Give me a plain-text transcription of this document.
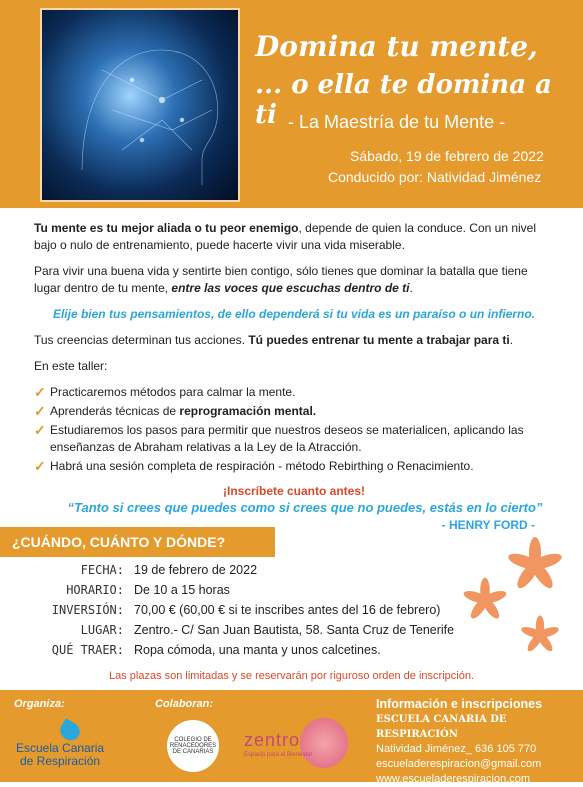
Domina tu mente,
... o ella te domina a ti - La Maestría de tu Mente -
Sábado, 19 de febrero de 2022
Conducido por: Natividad Jiménez

Tu mente es tu mejor aliada o tu peor enemigo, depende de quien la conduce. Con un nivel bajo o nulo de entrenamiento, puede hacerte vivir una vida miserable.

Para vivir una buena vida y sentirte bien contigo, sólo tienes que dominar la batalla que tiene lugar dentro de tu mente, entre las voces que escuchas dentro de ti.

Elije bien tus pensamientos, de ello dependerá si tu vida es un paraíso o un infierno.

Tus creencias determinan tus acciones. Tú puedes entrenar tu mente a trabajar para ti.

En este taller:

✓ Practicaremos métodos para calmar la mente.
✓ Aprenderás técnicas de reprogramación mental.
✓ Estudiaremos los pasos para permitir que nuestros deseos se materialicen, aplicando las enseñanzas de Abraham relativas a la Ley de la Atracción.
✓ Habrá una sesión completa de respiración - método Rebirthing o Renacimiento.

¡Inscríbete cuanto antes!

“Tanto si crees que puedes como si crees que no puedes, estás en lo cierto”
- HENRY FORD -
¿CUÁNDO, CUÁNTO Y DÓNDE?
FECHA: 19 de febrero de 2022
HORARIO: De 10 a 15 horas
INVERSIÓN: 70,00 € (60,00 € si te inscribes antes del 16 de febrero)
LUGAR: Zentro.- C/ San Juan Bautista, 58. Santa Cruz de Tenerife
QUÉ TRAER: Ropa cómoda, una manta y unos calcetines.
Las plazas son limitadas y se reservarán por riguroso orden de inscripción.
Organiza:	Colaboran:
Escuela Canaria
de Respiración
COLEGIO DE RENACEDORES DE CANARIAS
zentro
Espacio para el Bienestar
Información e inscripciones
ESCUELA CANARIA DE RESPIRACIÓN
Natividad Jiménez_ 636 105 770
escueladerespiracion@gmail.com
www.escueladerespiracion.com
